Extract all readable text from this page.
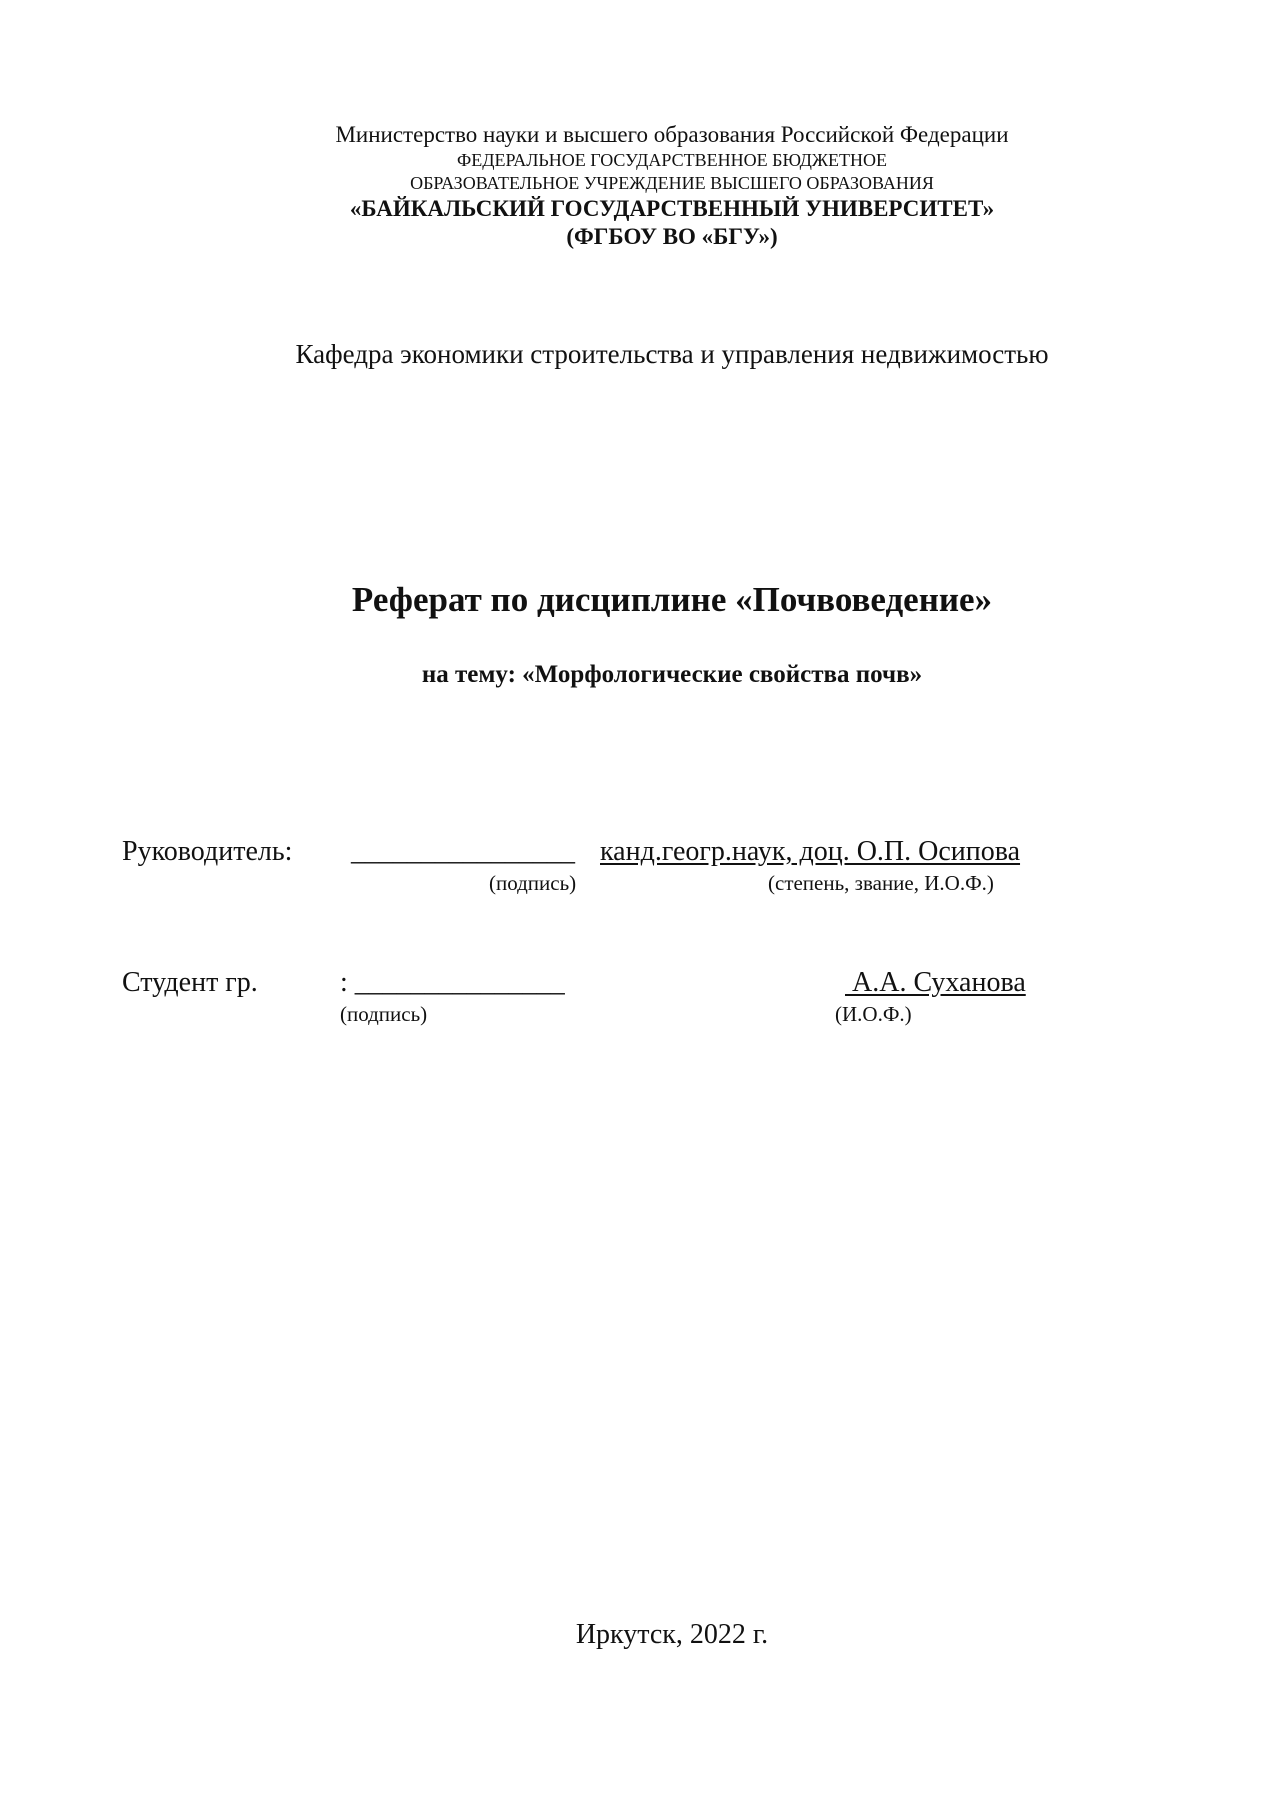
Министерство науки и высшего образования Российской Федерации
ФЕДЕРАЛЬНОЕ ГОСУДАРСТВЕННОЕ БЮДЖЕТНОЕ
ОБРАЗОВАТЕЛЬНОЕ УЧРЕЖДЕНИЕ ВЫСШЕГО ОБРАЗОВАНИЯ
«БАЙКАЛЬСКИЙ ГОСУДАРСТВЕННЫЙ УНИВЕРСИТЕТ»
(ФГБОУ ВО «БГУ»)
Кафедра экономики строительства и управления недвижимостью
Реферат по дисциплине «Почвоведение»
на тему: «Морфологические свойства почв»
Руководитель: ________________ канд.геогр.наук, доц. О.П. Осипова
(подпись)	(степень, звание, И.О.Ф.)
Студент гр.	: _______________	А.А. Суханова
(подпись)	(И.О.Ф.)
Иркутск, 2022 г.
